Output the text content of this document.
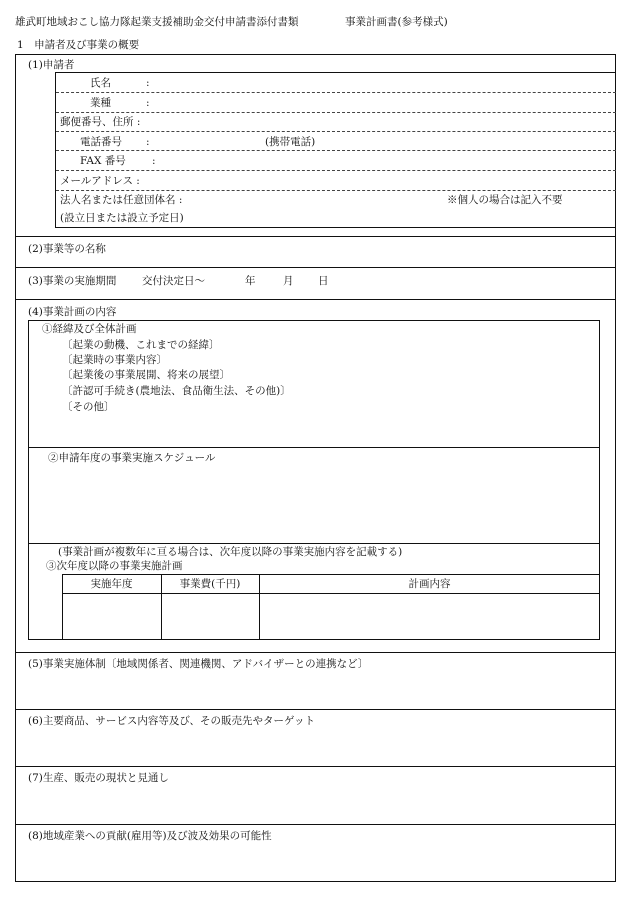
雄武町地域おこし協力隊起業支援補助金交付申請書添付書類	事業計画書(参考様式)
1　申請者及び事業の概要
(1)申請者
氏名	:
業種	:
郵便番号、住所 :
電話番号 :	(携帯電話)
FAX 番号 :
メールアドレス :
法人名または任意団体名 :	※個人の場合は記入不要
(設立日または設立予定日)
(2)事業等の名称
(3)事業の実施期間 交付決定日～	年	月 日
(4)事業計画の内容
①経緯及び全体計画
〔起業の動機、これまでの経緯〕
〔起業時の事業内容〕
〔起業後の事業展開、将来の展望〕
〔許認可手続き(農地法、食品衛生法、その他)〕
〔その他〕
②申請年度の事業実施スケジュール
(事業計画が複数年に亘る場合は、次年度以降の事業実施内容を記載する)
③次年度以降の事業実施計画
実施年度	事業費(千円)	計画内容
(5)事業実施体制〔地域関係者、関連機関、アドバイザーとの連携など〕
(6)主要商品、サービス内容等及び、その販売先やターゲット
(7)生産、販売の現状と見通し
(8)地域産業への貢献(雇用等)及び波及効果の可能性
